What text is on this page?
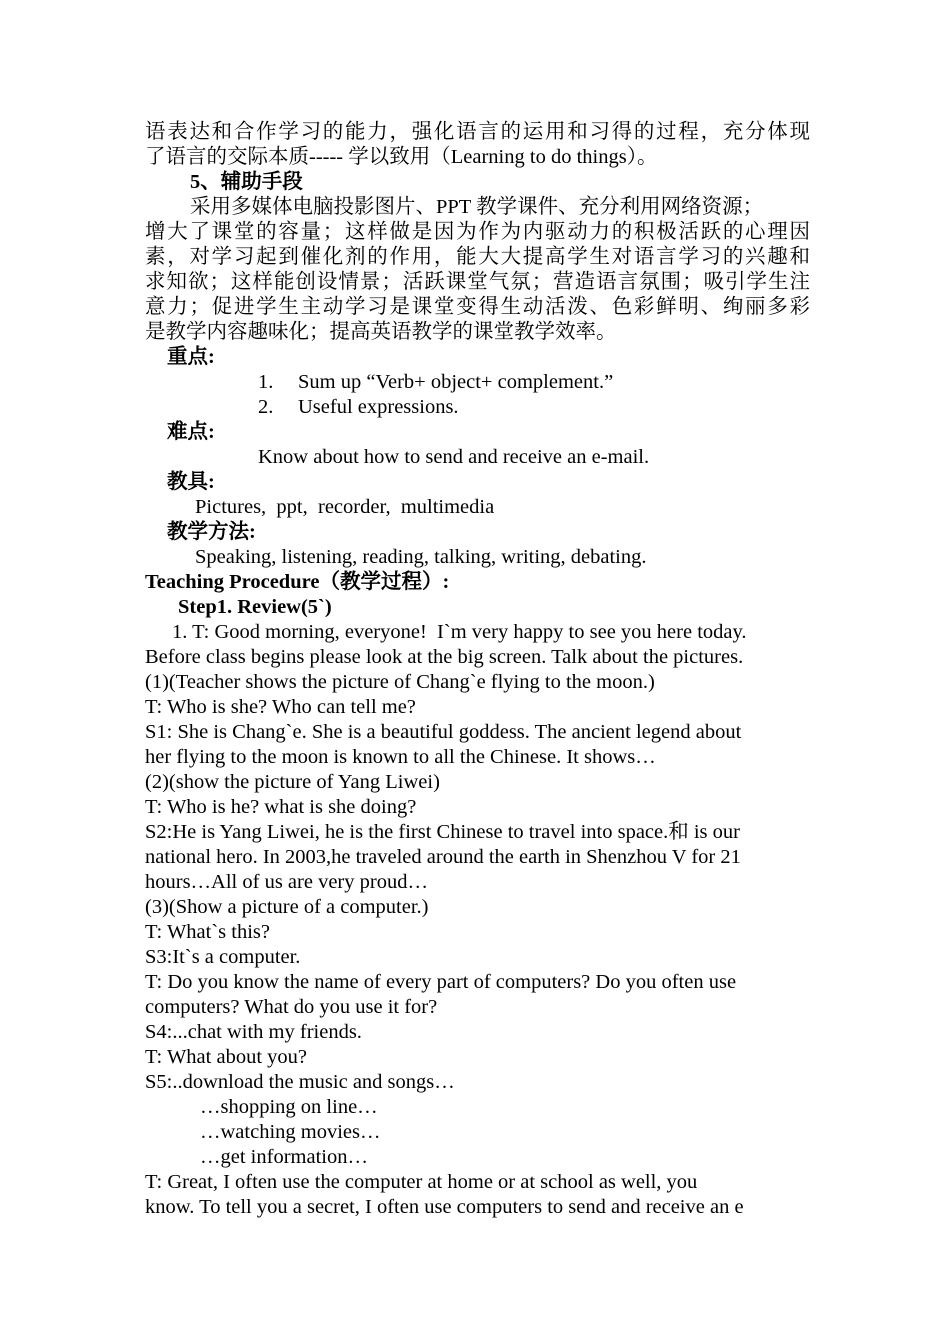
语表达和合作学习的能力，强化语言的运用和习得的过程，充分体现
了语言的交际本质----- 学以致用（Learning to do things）。
5、辅助手段
采用多媒体电脑投影图片、PPT 教学课件、充分利用网络资源；
增大了课堂的容量；这样做是因为作为内驱动力的积极活跃的心理因
素，对学习起到催化剂的作用，能大大提高学生对语言学习的兴趣和
求知欲；这样能创设情景；活跃课堂气氛；营造语言氛围；吸引学生注
意力；促进学生主动学习是课堂变得生动活泼、色彩鲜明、绚丽多彩
是教学内容趣味化；提高英语教学的课堂教学效率。
重点:
1. Sum up “Verb+ object+ complement.”
2. Useful expressions.
难点:
Know about how to send and receive an e-mail.
教具:
Pictures,  ppt,  recorder,  multimedia
教学方法:
Speaking, listening, reading, talking, writing, debating.
Teaching Procedure（教学过程）:
Step1. Review(5`)
1. T: Good morning, everyone!  I`m very happy to see you here today.
Before class begins please look at the big screen. Talk about the pictures.
(1)(Teacher shows the picture of Chang`e flying to the moon.)
T: Who is she? Who can tell me?
S1: She is Chang`e. She is a beautiful goddess. The ancient legend about
her flying to the moon is known to all the Chinese. It shows…
(2)(show the picture of Yang Liwei)
T: Who is he? what is she doing?
S2:He is Yang Liwei, he is the first Chinese to travel into space.和 is our
national hero. In 2003,he traveled around the earth in Shenzhou V for 21
hours…All of us are very proud…
(3)(Show a picture of a computer.)
T: What`s this?
S3:It`s a computer.
T: Do you know the name of every part of computers? Do you often use
computers? What do you use it for?
S4:...chat with my friends.
T: What about you?
S5:..download the music and songs…
…shopping on line…
…watching movies…
…get information…
T: Great, I often use the computer at home or at school as well, you
know. To tell you a secret, I often use computers to send and receive an e
